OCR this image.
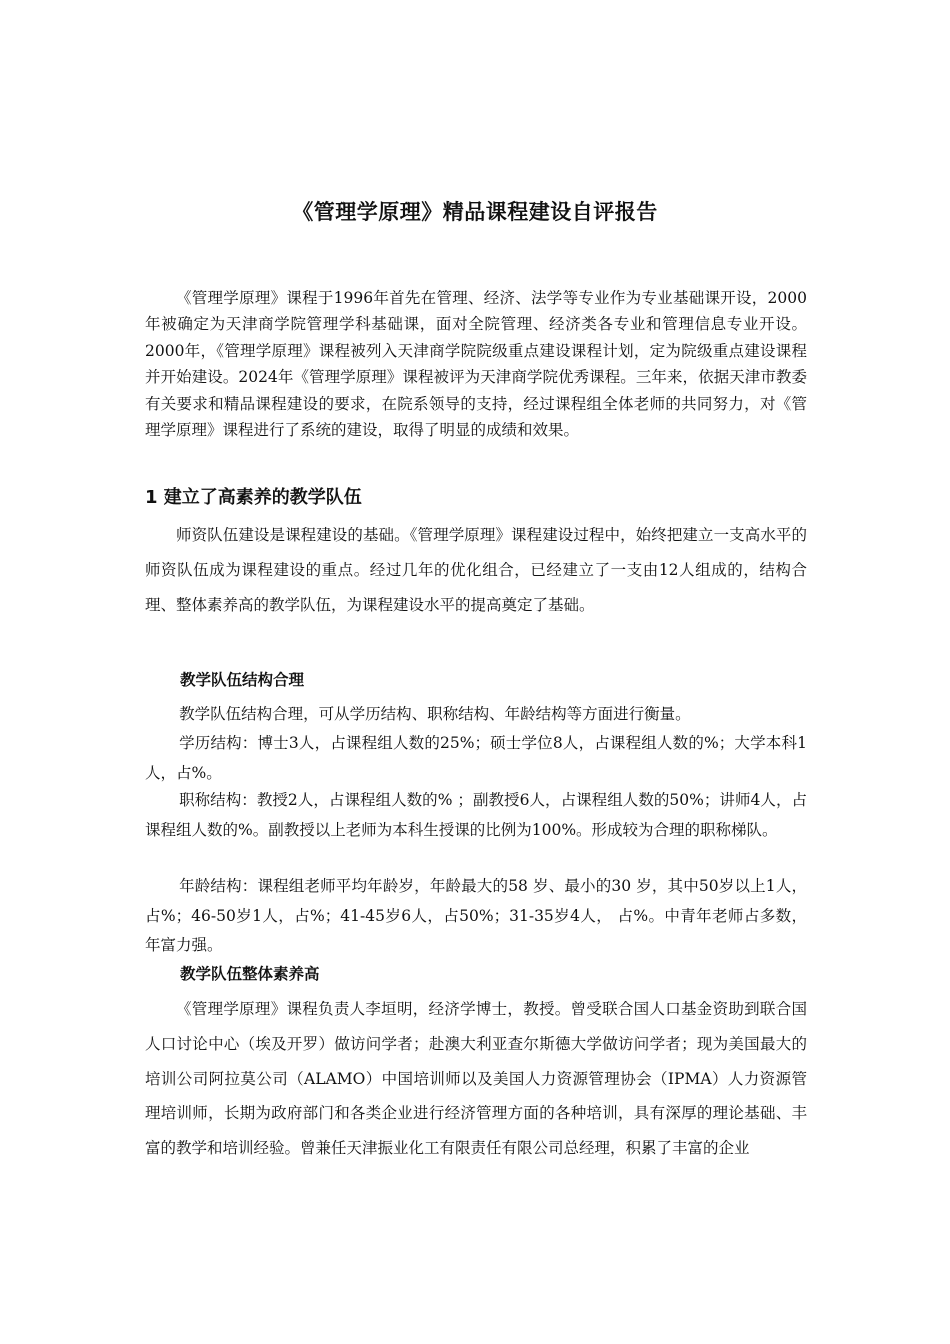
《管理学原理》精品课程建设自评报告

《管理学原理》课程于1996年首先在管理、经济、法学等专业作为专业基础课开设，2000年被确定为天津商学院管理学科基础课，面对全院管理、经济类各专业和管理信息专业开设。 2000年，《管理学原理》课程被列入天津商学院院级重点建设课程计划，定为院级重点建设课程并开始建设。2024年《管理学原理》课程被评为天津商学院优秀课程。三年来，依据天津市教委有关要求和精品课程建设的要求，在院系领导的支持，经过课程组全体老师的共同努力，对《管理学原理》课程进行了系统的建设，取得了明显的成绩和效果。

1 建立了高素养的教学队伍

师资队伍建设是课程建设的基础。《管理学原理》课程建设过程中，始终把建立一支高水平的师资队伍成为课程建设的重点。经过几年的优化组合，已经建立了一支由12人组成的，结构合理、整体素养高的教学队伍，为课程建设水平的提高奠定了基础。

教学队伍结构合理

教学队伍结构合理，可从学历结构、职称结构、年龄结构等方面进行衡量。

学历结构：博士3人，占课程组人数的25%；硕士学位8人，占课程组人数的%；大学本科1人，占%。

职称结构：教授2人，占课程组人数的% ；副教授6人，占课程组人数的50%；讲师4人，占课程组人数的%。副教授以上老师为本科生授课的比例为100%。形成较为合理的职称梯队。

年龄结构：课程组老师平均年龄岁，年龄最大的58 岁、最小的30 岁，其中50岁以上1人，占%；46-50岁1人，占%；41-45岁6人，占50%；31-35岁4人， 占%。中青年老师占多数，年富力强。

教学队伍整体素养高

《管理学原理》课程负责人李垣明，经济学博士，教授。曾受联合国人口基金资助到联合国人口讨论中心（埃及开罗）做访问学者；赴澳大利亚查尔斯德大学做访问学者；现为美国最大的培训公司阿拉莫公司（ALAMO）中国培训师以及美国人力资源管理协会（IPMA）人力资源管理培训师，长期为政府部门和各类企业进行经济管理方面的各种培训，具有深厚的理论基础、丰富的教学和培训经验。曾兼任天津振业化工有限责任有限公司总经理，积累了丰富的企业
